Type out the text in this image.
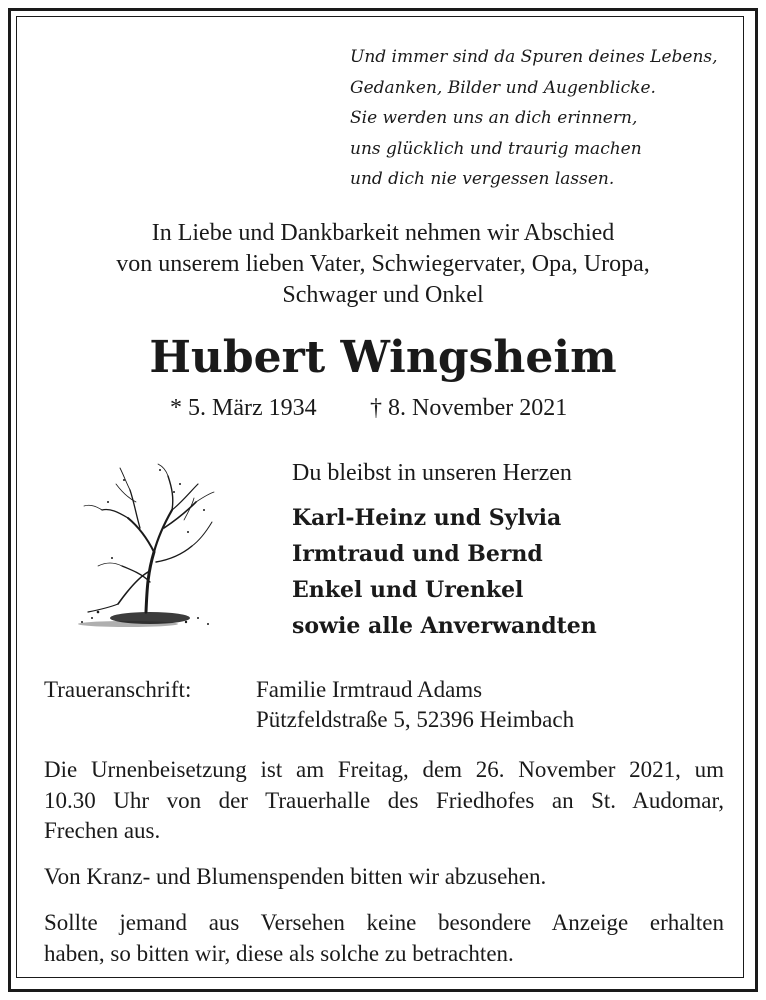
Und immer sind da Spuren deines Lebens,
Gedanken, Bilder und Augenblicke.
Sie werden uns an dich erinnern,
uns glücklich und traurig machen
und dich nie vergessen lassen.
In Liebe und Dankbarkeit nehmen wir Abschied
von unserem lieben Vater, Schwiegervater, Opa, Uropa,
Schwager und Onkel
Hubert Wingsheim
* 5. März 1934 † 8. November 2021
Du bleibst in unseren Herzen
Karl-Heinz und Sylvia
Irmtraud und Bernd
Enkel und Urenkel
sowie alle Anverwandten
Traueranschrift:	Familie Irmtraud Adams
Pützfeldstraße 5, 52396 Heimbach
Die Urnenbeisetzung ist am Freitag, dem 26. November 2021, um
10.30 Uhr von der Trauerhalle des Friedhofes an St. Audomar,
Frechen aus.
Von Kranz- und Blumenspenden bitten wir abzusehen.
Sollte jemand aus Versehen keine besondere Anzeige erhalten
haben, so bitten wir, diese als solche zu betrachten.
